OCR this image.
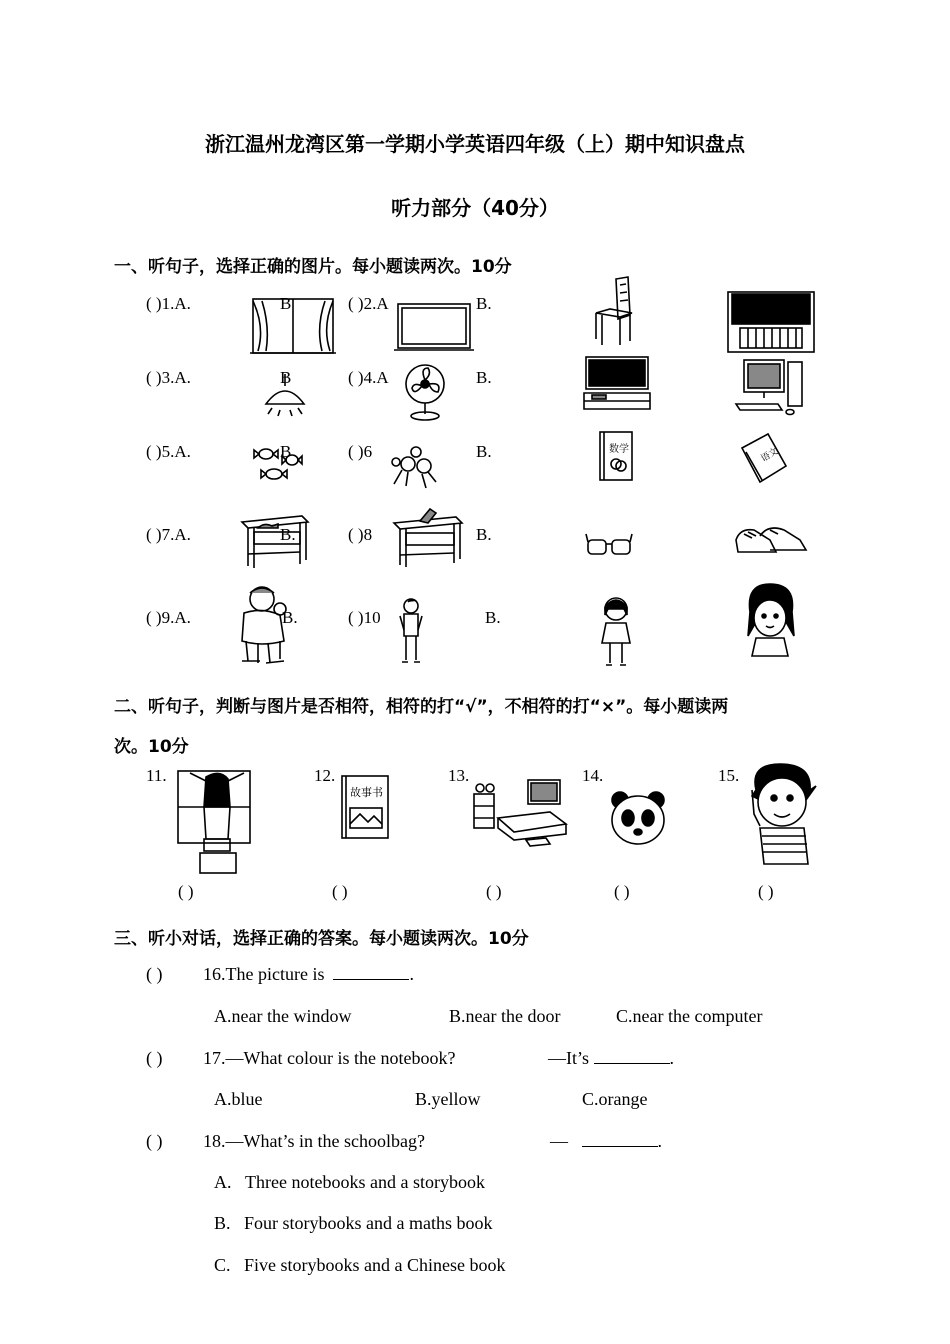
浙江温州龙湾区第一学期小学英语四年级（上）期中知识盘点
听力部分（40分）
一、听句子，选择正确的图片。每小题读两次。10分
( )1.A.	B	( )2.A	B.
( )3.A.	B	( )4.A	B.
( )5.A.	B	( )6	B.
( )7.A.	B.	( )8	B.
( )9.A.	B.	( )10	B.
数学	语文
二、听句子，判断与图片是否相符，相符的打“√”，不相符的打“×”。每小题读两
次。10分
11.	12.	13.	14.	15.
故事书
( )	( )	( )	( )	( )
三、听小对话，选择正确的答案。每小题读两次。10分
( ) 16.The picture is	.
A.near the window	B.near the door	C.near the computer
( ) 17.—What colour is the notebook?	—It’s	.
A.blue	B.yellow	C.orange
( ) 18.—What’s in the schoolbag?	—	.
A. Three notebooks and a storybook
B. Four storybooks and a maths book
C. Five storybooks and a Chinese book
